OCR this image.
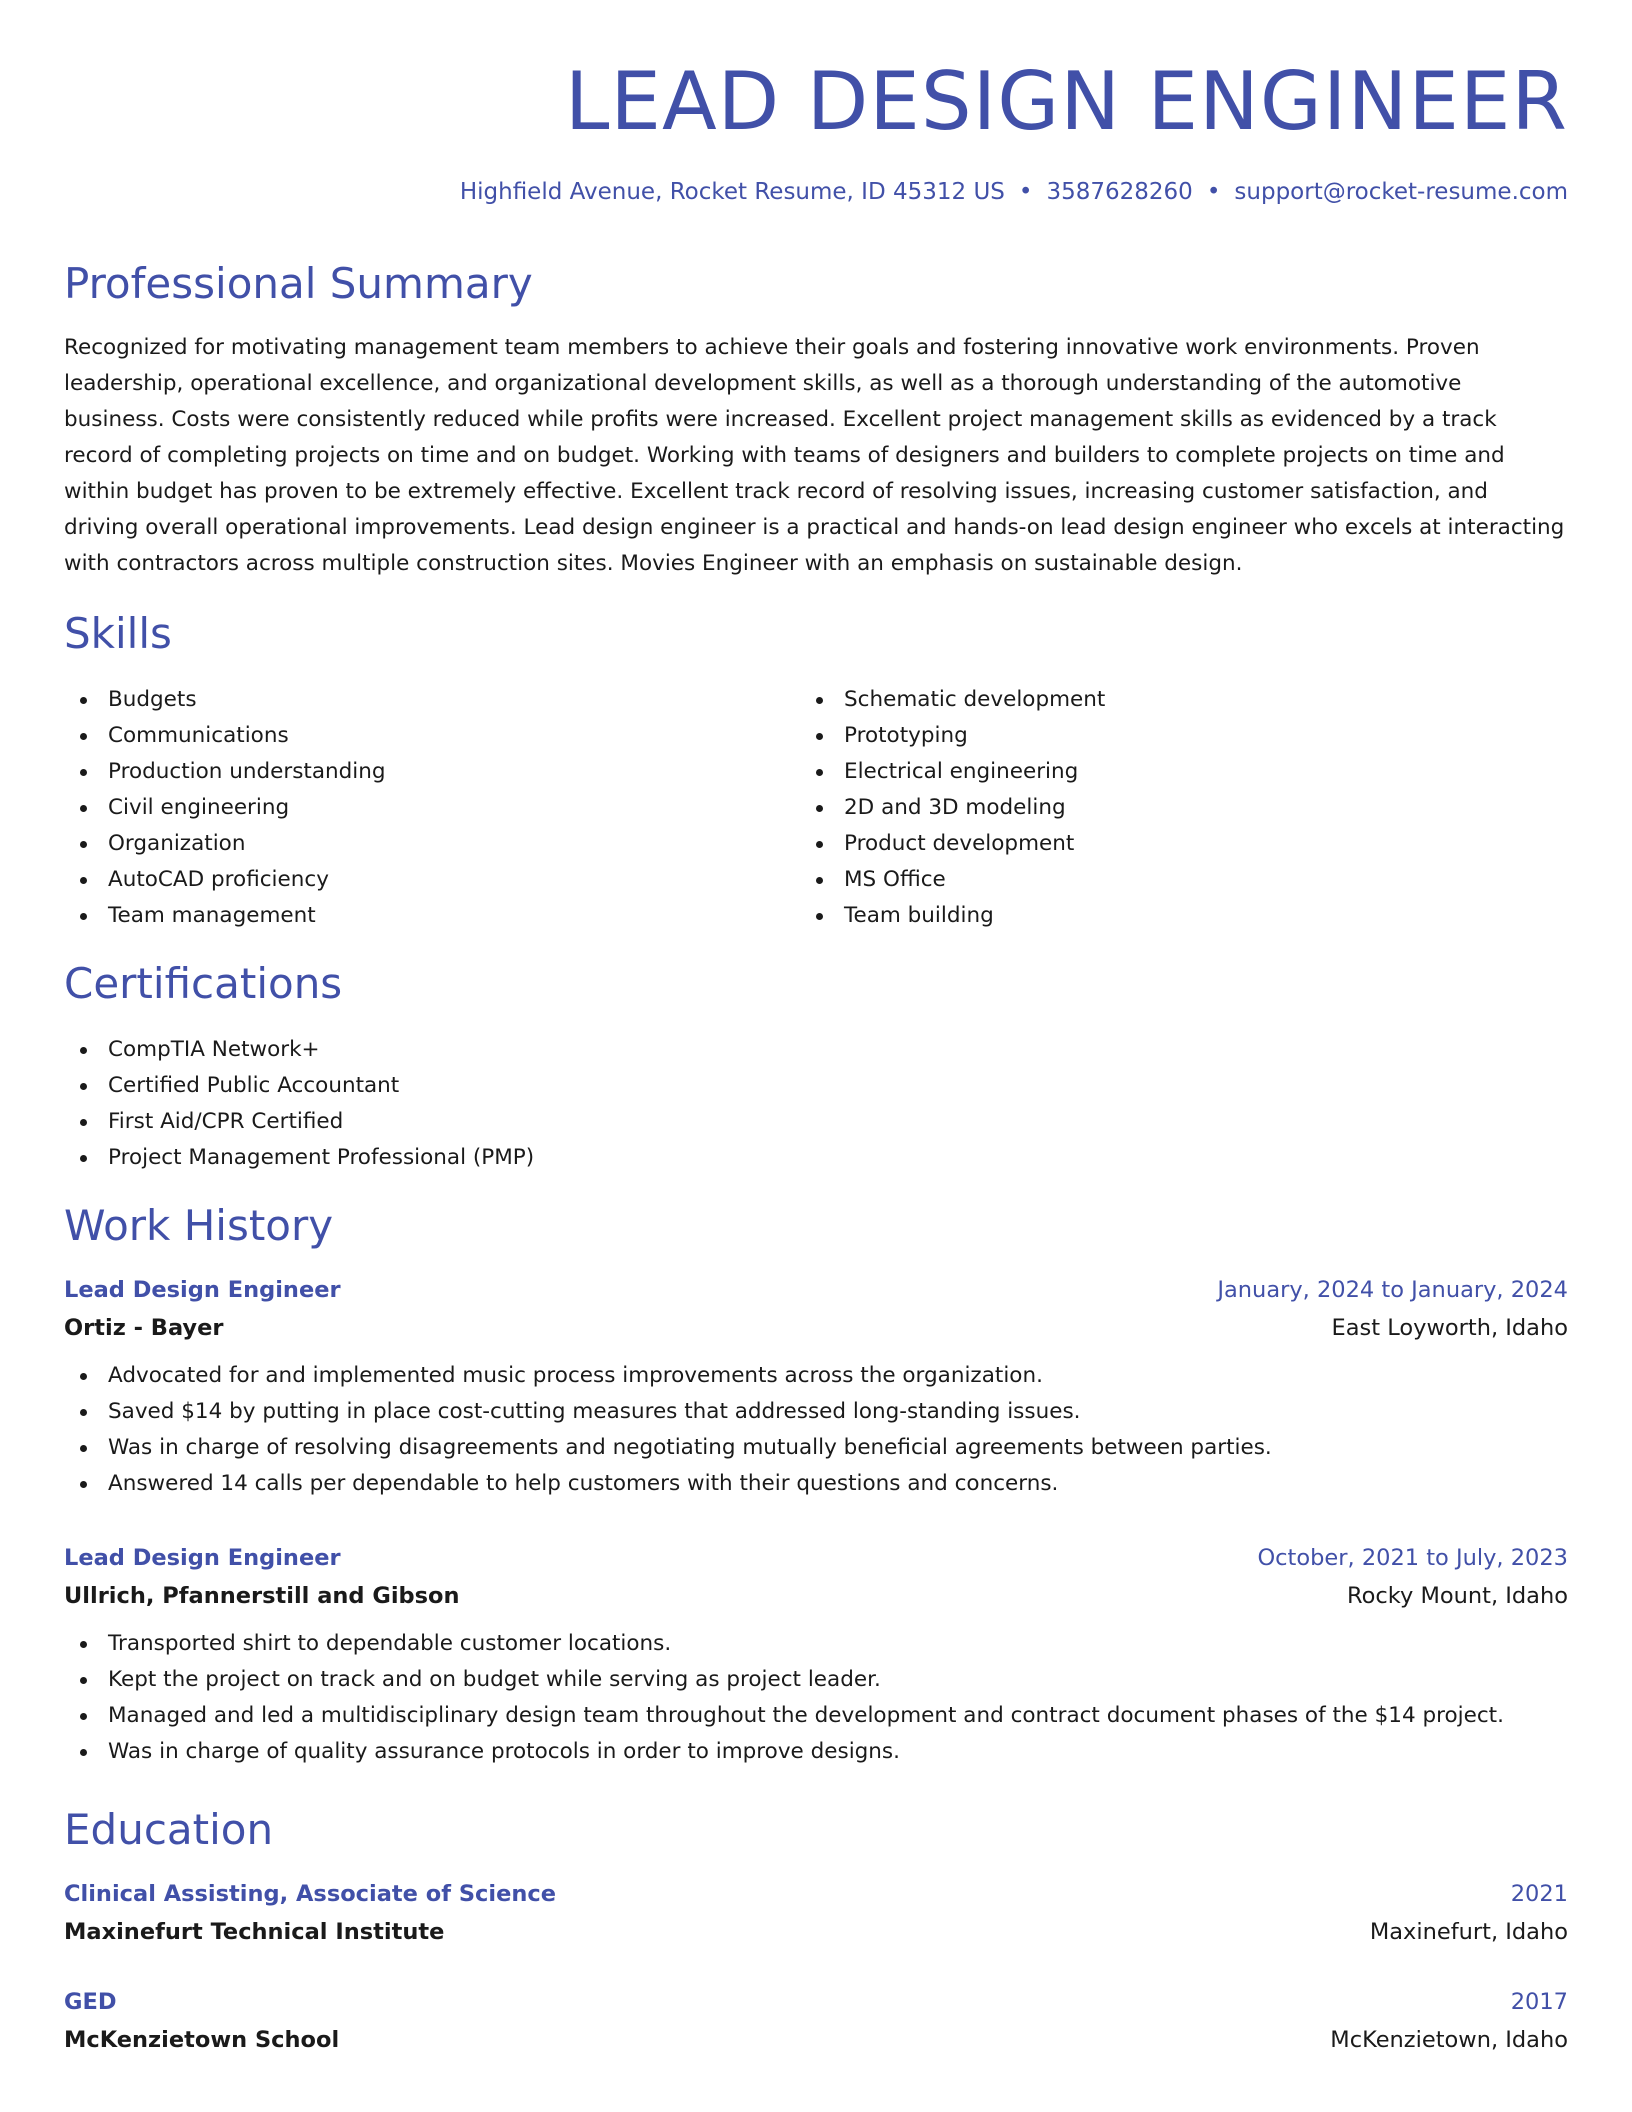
LEAD DESIGN ENGINEER
Highfield Avenue, Rocket Resume, ID 45312 US • 3587628260 • support@rocket-resume.com
Professional Summary

Recognized for motivating management team members to achieve their goals and fostering innovative work environments. Proven leadership, operational excellence, and organizational development skills, as well as a thorough understanding of the automotive business. Costs were consistently reduced while profits were increased. Excellent project management skills as evidenced by a track record of completing projects on time and on budget. Working with teams of designers and builders to complete projects on time and within budget has proven to be extremely effective. Excellent track record of resolving issues, increasing customer satisfaction, and driving overall operational improvements. Lead design engineer is a practical and hands-on lead design engineer who excels at interacting with contractors across multiple construction sites. Movies Engineer with an emphasis on sustainable design.

Skills
Budgets
Communications
Production understanding
Civil engineering
Organization
AutoCAD proficiency
Team management
Schematic development
Prototyping
Electrical engineering
2D and 3D modeling
Product development
MS Office
Team building
Certifications
CompTIA Network+
Certified Public Accountant
First Aid/CPR Certified
Project Management Professional (PMP)
Work History
Lead Design Engineer	January, 2024 to January, 2024
Ortiz - Bayer	East Loyworth, Idaho
Advocated for and implemented music process improvements across the organization.
Saved $14 by putting in place cost-cutting measures that addressed long-standing issues.
Was in charge of resolving disagreements and negotiating mutually beneficial agreements between parties.
Answered 14 calls per dependable to help customers with their questions and concerns.
Lead Design Engineer	October, 2021 to July, 2023
Ullrich, Pfannerstill and Gibson	Rocky Mount, Idaho
Transported shirt to dependable customer locations.
Kept the project on track and on budget while serving as project leader.
Managed and led a multidisciplinary design team throughout the development and contract document phases of the $14 project.
Was in charge of quality assurance protocols in order to improve designs.
Education
Clinical Assisting, Associate of Science	2021
Maxinefurt Technical Institute	Maxinefurt, Idaho
GED	2017
McKenzietown School	McKenzietown, Idaho
